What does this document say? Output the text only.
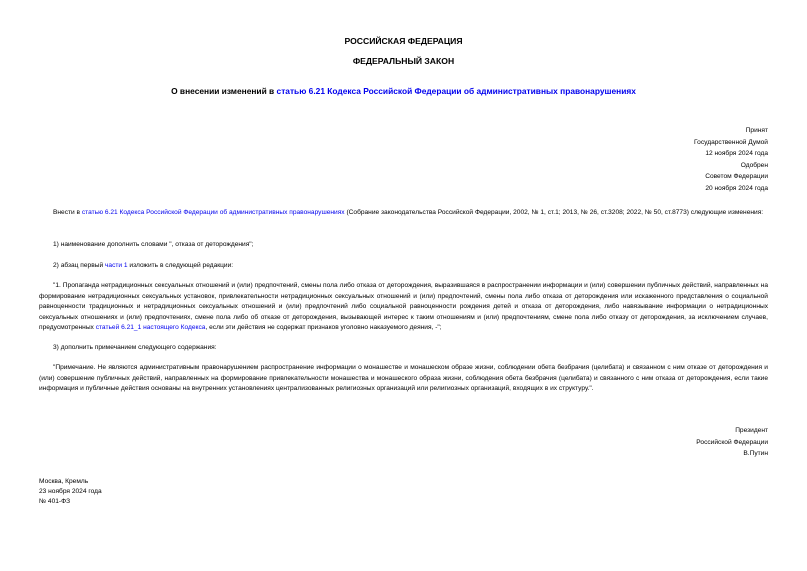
РОССИЙСКАЯ ФЕДЕРАЦИЯ
ФЕДЕРАЛЬНЫЙ ЗАКОН
О внесении изменений в статью 6.21 Кодекса Российской Федерации об административных правонарушениях
Принят
Государственной Думой
12 ноября 2024 года
Одобрен
Советом Федерации
20 ноября 2024 года
Внести в статью 6.21 Кодекса Российской Федерации об административных правонарушениях (Собрание законодательства Российской Федерации, 2002, № 1, ст.1; 2013, № 26, ст.3208; 2022, № 50, ст.8773) следующие изменения:
1) наименование дополнить словами ", отказа от деторождения";
2) абзац первый части 1 изложить в следующей редакции:
"1. Пропаганда нетрадиционных сексуальных отношений и (или) предпочтений, смены пола либо отказа от деторождения, выразившаяся в распространении информации и (или) совершении публичных действий, направленных на формирование нетрадиционных сексуальных установок, привлекательности нетрадиционных сексуальных отношений и (или) предпочтений, смены пола либо отказа от деторождения или искаженного представления о социальной равноценности традиционных и нетрадиционных сексуальных отношений и (или) предпочтений либо социальной равноценности рождения детей и отказа от деторождения, либо навязывание информации о нетрадиционных сексуальных отношениях и (или) предпочтениях, смене пола либо об отказе от деторождения, вызывающей интерес к таким отношениям и (или) предпочтениям, смене пола либо отказу от деторождения, за исключением случаев, предусмотренных статьей 6.21_1 настоящего Кодекса, если эти действия не содержат признаков уголовно наказуемого деяния, -";
3) дополнить примечанием следующего содержания:
"Примечание. Не являются административным правонарушением распространение информации о монашестве и монашеском образе жизни, соблюдении обета безбрачия (целибата) и связанном с ним отказе от деторождения и (или) совершение публичных действий, направленных на формирование привлекательности монашества и монашеского образа жизни, соблюдения обета безбрачия (целибата) и связанного с ним отказа от деторождения, если такие информация и публичные действия основаны на внутренних установлениях централизованных религиозных организаций или религиозных организаций, входящих в их структуру.".
Президент
Российской Федерации
В.Путин
Москва, Кремль
23 ноября 2024 года
№ 401-ФЗ
